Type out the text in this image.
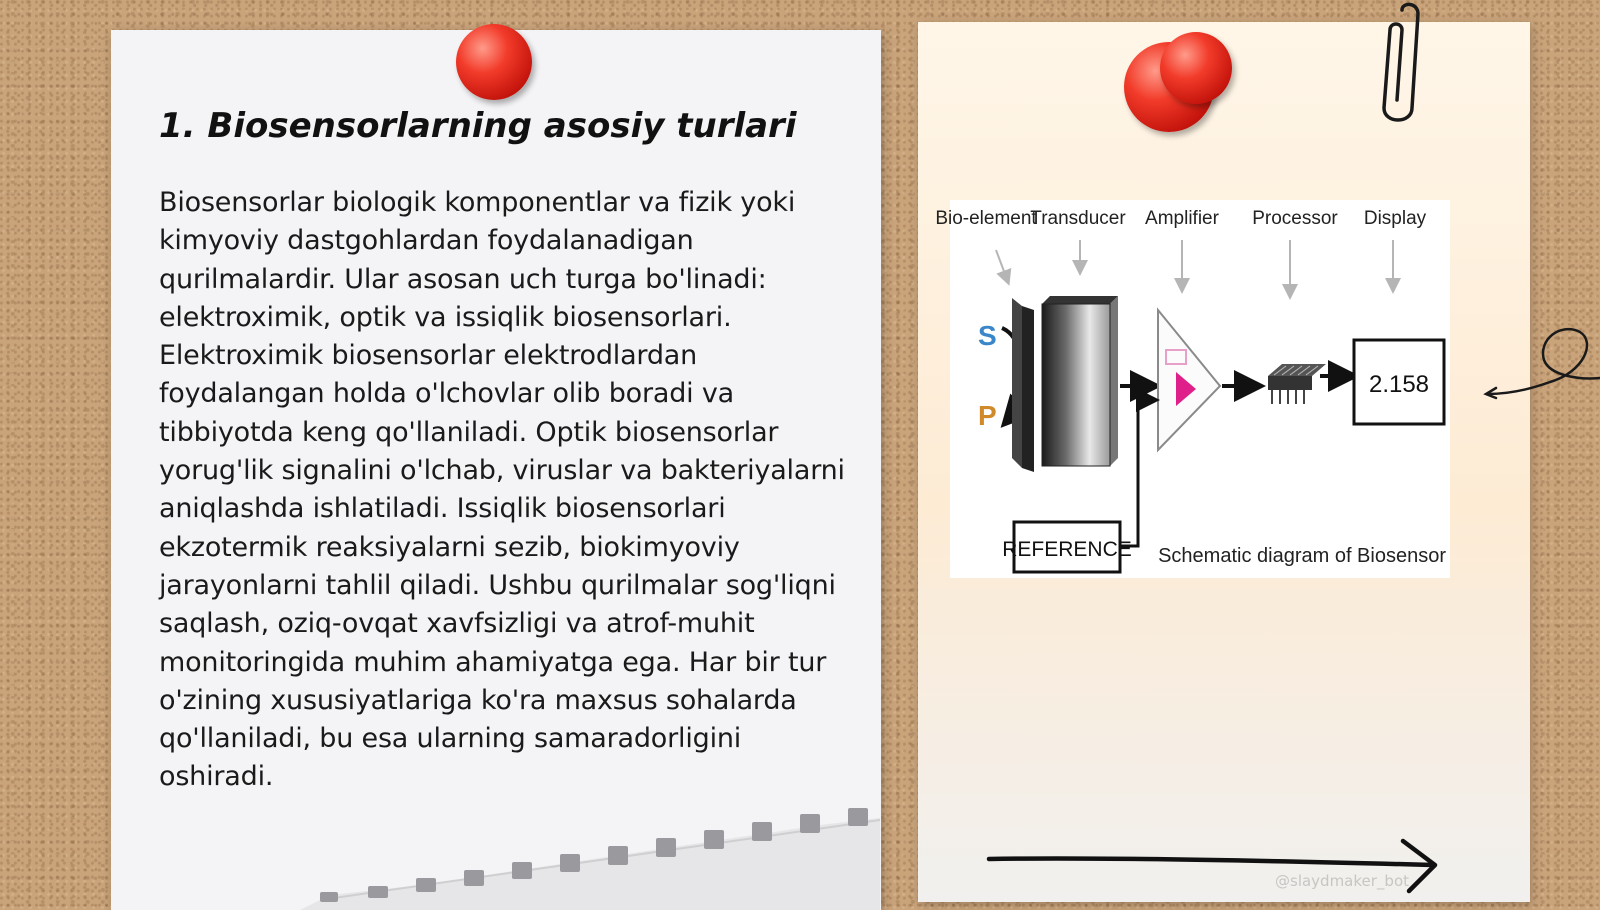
1. Biosensorlarning asosiy turlari

Biosensorlar biologik komponentlar va fizik yoki kimyoviy dastgohlardan foydalanadigan qurilmalardir. Ular asosan uch turga bo'linadi: elektroximik, optik va issiqlik biosensorlari. Elektroximik biosensorlar elektrodlardan foydalangan holda o'lchovlar olib boradi va tibbiyotda keng qo'llaniladi. Optik biosensorlar yorug'lik signalini o'lchab, viruslar va bakteriyalarni aniqlashda ishlatiladi. Issiqlik biosensorlari ekzotermik reaksiyalarni sezib, biokimyoviy jarayonlarni tahlil qiladi. Ushbu qurilmalar sog'liqni saqlash, oziq-ovqat xavfsizligi va atrof-muhit monitoringida muhim ahamiyatga ega. Har bir tur o'zining xususiyatlariga ko'ra maxsus sohalarda qo'llaniladi, bu esa ularning samaradorligini oshiradi.

Bio-element
Transducer Amplifier Processor Display
S
P
2.158
REFERENCE Schematic diagram of Biosensor
@slaydmaker_bot
